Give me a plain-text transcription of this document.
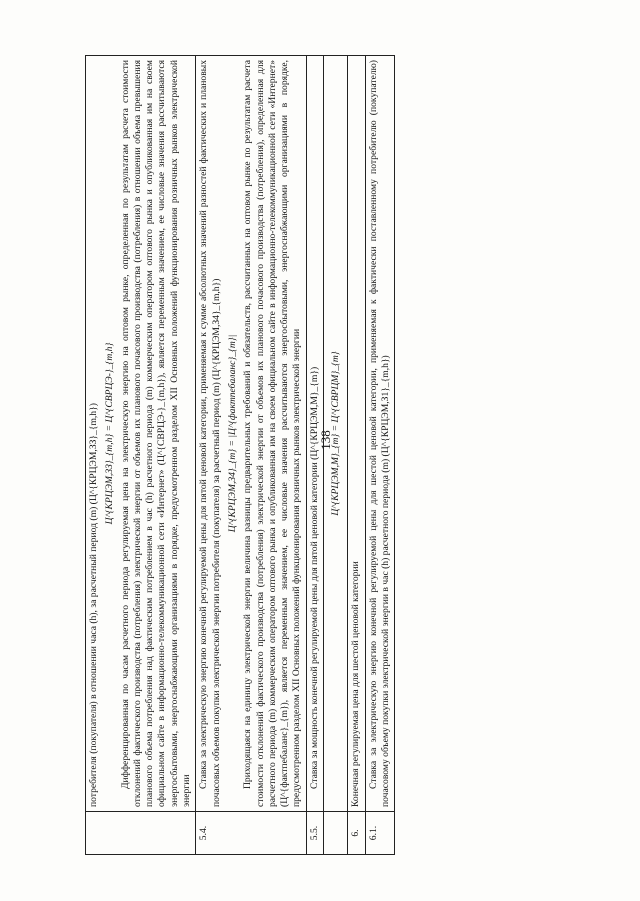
138

	потребителя (покупателя) в отношении часа (h), за расчетный период (m) (Ц^{КРЦЭМ,ЗЗ}_{m,h}) Ц^{КРЦЭМ,ЗЗ}_{m,h} = Ц^{СВРЦЭ-}_{m,h} Дифференцированная по часам расчетного периода регулируемая цена на электрическую энергию на оптовом рынке, определенная по результатам расчета стоимости отклонений фактического производства (потребления) электрической энергии от объемов их планового почасового производства (потребления) в отношении объема превышения планового объема потребления над фактическим потреблением в час (h) расчетного периода (m) коммерческим оператором оптового рынка и опубликованная им на своем официальном сайте в информационно-телекоммуникационной сети «Интернет» (Ц^{СВРЦЭ-}_{m,h}), является переменным значением, ее числовые значения рассчитываются энергосбытовыми, энергоснабжающими организациями в порядке, предусмотренном разделом XII Основных положений функционирования розничных рынков электрической энергии

5.4.	Ставка за электрическую энергию конечной регулируемой цены для пятой ценовой категории, применяемая к сумме абсолютных значений разностей фактических и плановых почасовых объемов покупки электрической энергии потребителя (покупателя) за расчетный период (m) (Ц^{КРЦЭМ,З4}_{m,h}) Ц^{КРЦЭМ,З4}_{m} = |Ц^{фактпебаланс}_{m}| Приходящаяся на единицу электрической энергии величина разницы предварительных требований и обязательств, рассчитанных на оптовом рынке по результатам расчета стоимости отклонений фактического производства (потребления) электрической энергии от объемов их планового почасового производства (потребления), определенная для расчетного периода (m) коммерческим оператором оптового рынка и опубликованная им на своем официальном сайте в информационно-телекоммуникационной сети «Интернет» (Ц^{фактпебаланс}_{m}), является переменным значением, ее числовые значения рассчитываются энергосбытовыми, энергоснабжающими организациями в порядке, предусмотренном разделом XII Основных положений функционирования розничных рынков электрической энергии

5.5.	Ставка за мощность конечной регулируемой цены для пятой ценовой категории (Ц^{КРЦЭМ,М}_{m})

	Ц^{КРЦЭМ,М}_{m} = Ц^{СВРЦМ}_{m}

6.	Конечная регулируемая цена для шестой ценовой категории

6.1.	Ставка за электрическую энергию конечной регулируемой цены для шестой ценовой категории, применяемая к фактически поставленному потребителю (покупателю) почасовому объему покупки электрической энергии в час (h) расчетного периода (m) (Ц^{КРЦЭМ,З1}_{m,h})
